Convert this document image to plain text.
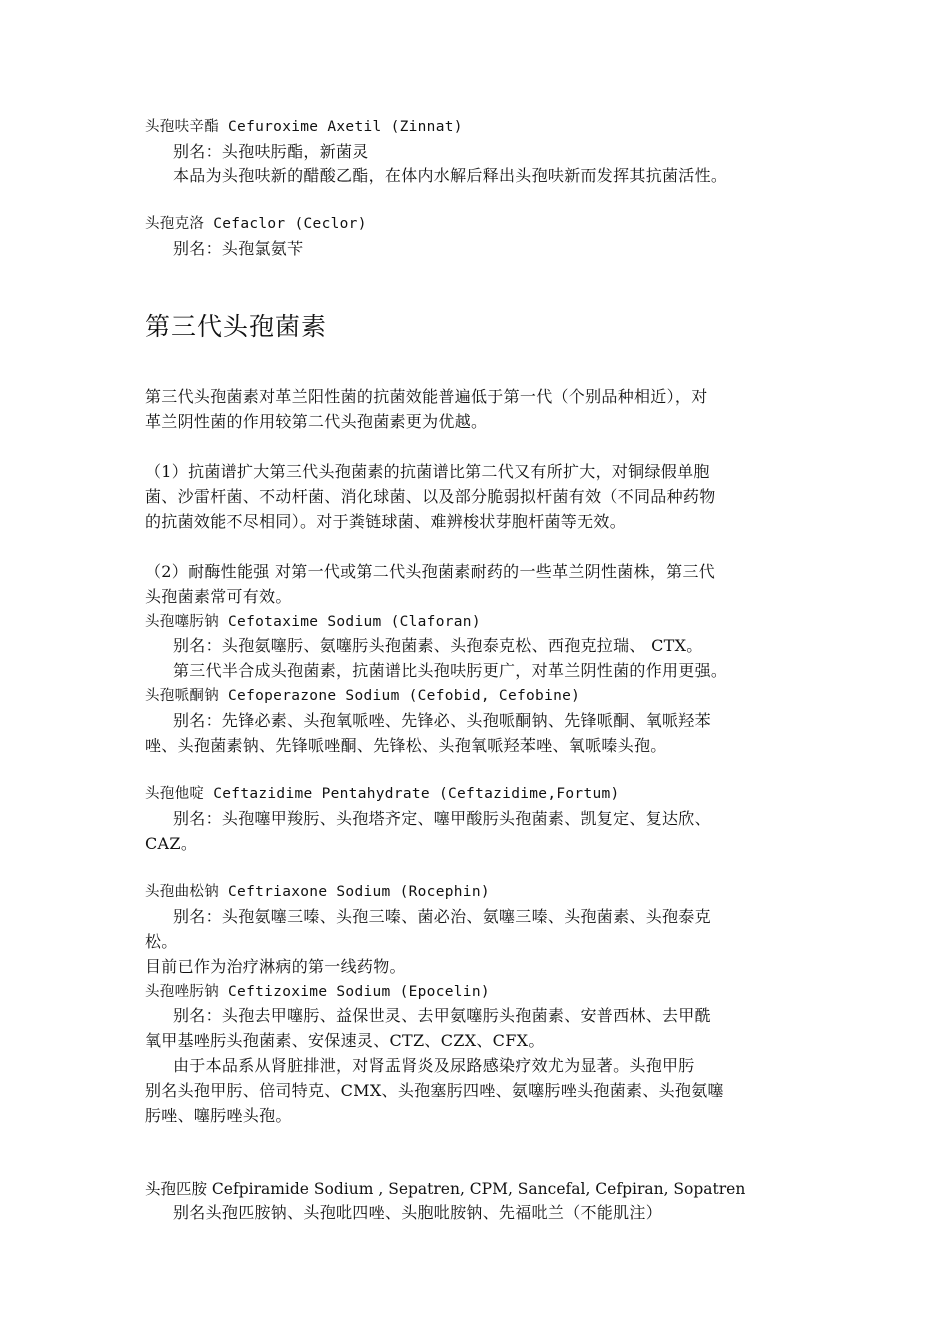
头孢呋辛酯 Cefuroxime Axetil (Zinnat)
别名：头孢呋肟酯，新菌灵
本品为头孢呋新的醋酸乙酯，在体内水解后释出头孢呋新而发挥其抗菌活性。
头孢克洛 Cefaclor (Ceclor)
别名：头孢氯氨苄
第三代头孢菌素
第三代头孢菌素对革兰阳性菌的抗菌效能普遍低于第一代（个别品种相近），对
革兰阴性菌的作用较第二代头孢菌素更为优越。
（1）抗菌谱扩大第三代头孢菌素的抗菌谱比第二代又有所扩大，对铜绿假单胞
菌、沙雷杆菌、不动杆菌、消化球菌、以及部分脆弱拟杆菌有效（不同品种药物
的抗菌效能不尽相同）。对于粪链球菌、难辨梭状芽胞杆菌等无效。
（2）耐酶性能强 对第一代或第二代头孢菌素耐药的一些革兰阴性菌株，第三代
头孢菌素常可有效。
头孢噻肟钠 Cefotaxime Sodium (Claforan)
别名：头孢氨噻肟、氨噻肟头孢菌素、头孢泰克松、西孢克拉瑞、 CTX。
第三代半合成头孢菌素，抗菌谱比头孢呋肟更广，对革兰阴性菌的作用更强。
头孢哌酮钠 Cefoperazone Sodium (Cefobid, Cefobine)
别名：先锋必素、头孢氧哌唑、先锋必、头孢哌酮钠、先锋哌酮、氧哌羟苯
唑、头孢菌素钠、先锋哌唑酮、先锋松、头孢氧哌羟苯唑、氧哌嗪头孢。
头孢他啶 Ceftazidime Pentahydrate (Ceftazidime,Fortum)
别名：头孢噻甲羧肟、头孢塔齐定、噻甲酸肟头孢菌素、凯复定、复达欣、
CAZ。
头孢曲松钠 Ceftriaxone Sodium (Rocephin)
别名：头孢氨噻三嗪、头孢三嗪、菌必治、氨噻三嗪、头孢菌素、头孢泰克
松。
目前已作为治疗淋病的第一线药物。
头孢唑肟钠 Ceftizoxime Sodium (Epocelin)
别名：头孢去甲噻肟、益保世灵、去甲氨噻肟头孢菌素、安普西林、去甲酰
氧甲基唑肟头孢菌素、安保速灵、CTZ、CZX、CFX。
由于本品系从肾脏排泄，对肾盂肾炎及尿路感染疗效尤为显著。头孢甲肟
别名头孢甲肟、倍司特克、CMX、头孢塞肟四唑、氨噻肟唑头孢菌素、头孢氨噻
肟唑、噻肟唑头孢。
头孢匹胺 Cefpiramide Sodium , Sepatren, CPM, Sancefal, Cefpiran, Sopatren
别名头孢匹胺钠、头孢吡四唑、头胞吡胺钠、先福吡兰（不能肌注）
